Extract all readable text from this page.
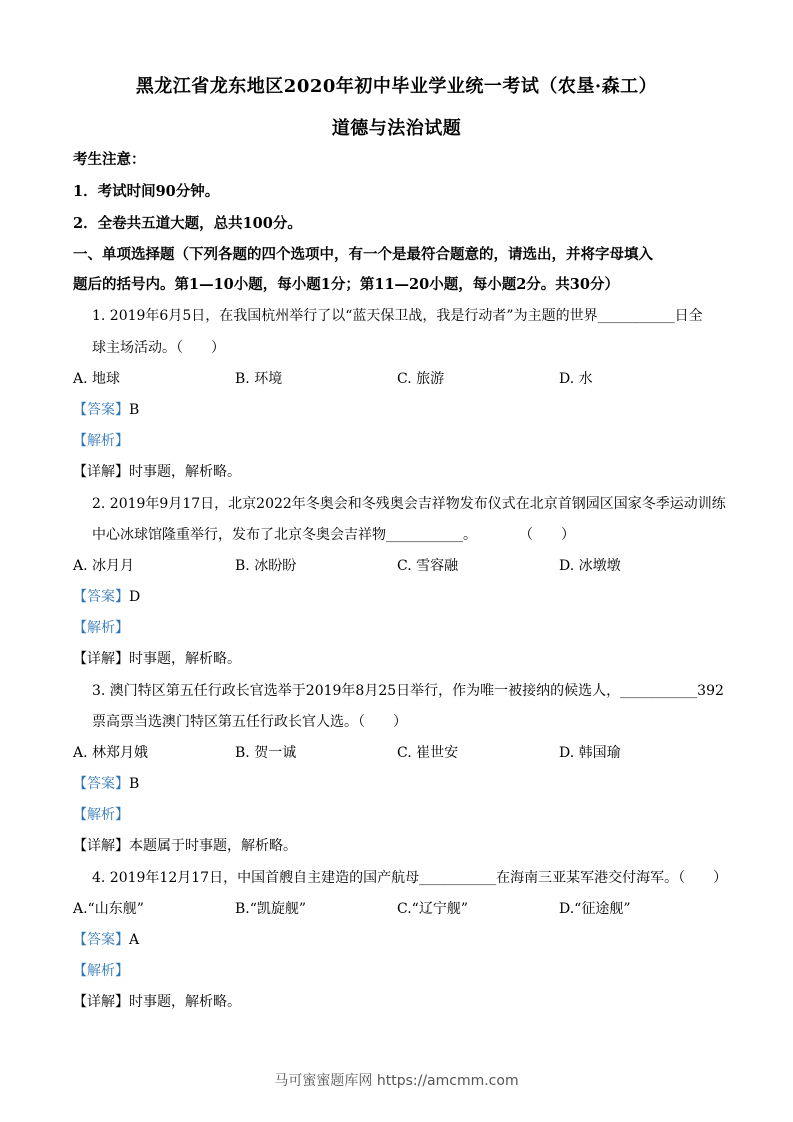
黑龙江省龙东地区2020年初中毕业学业统一考试（农垦·森工）
道德与法治试题
考生注意：
1．考试时间90分钟。
2．全卷共五道大题，总共100分。
一、单项选择题（下列各题的四个选项中，有一个是最符合题意的，请选出，并将字母填入
题后的括号内。第1—10小题，每小题1分；第11—20小题，每小题2分。共30分）
1. 2019年6月5日，在我国杭州举行了以“蓝天保卫战，我是行动者”为主题的世界___________日全
球主场活动。（　　）
A. 地球	B. 环境	C. 旅游	D. 水
【答案】B
【解析】
【详解】时事题，解析略。
2. 2019年9月17日，北京2022年冬奥会和冬残奥会吉祥物发布仪式在北京首钢园区国家冬季运动训练
中心冰球馆隆重举行，发布了北京冬奥会吉祥物___________。　　　　（　　）
A. 冰月月	B. 冰盼盼	C. 雪容融	D. 冰墩墩
【答案】D
【解析】
【详解】时事题，解析略。
3. 澳门特区第五任行政长官选举于2019年8月25日举行，作为唯一被接纳的候选人，___________392
票高票当选澳门特区第五任行政长官人选。（　　）
A. 林郑月娥	B. 贺一诚	C. 崔世安	D. 韩国瑜
【答案】B
【解析】
【详解】本题属于时事题，解析略。
4. 2019年12月17日，中国首艘自主建造的国产航母___________在海南三亚某军港交付海军。（　　）
A.“山东舰”	B.“凯旋舰”	C.“辽宁舰”	D.“征途舰”
【答案】A
【解析】
【详解】时事题，解析略。
马可蜜蜜题库网 https://amcmm.com
